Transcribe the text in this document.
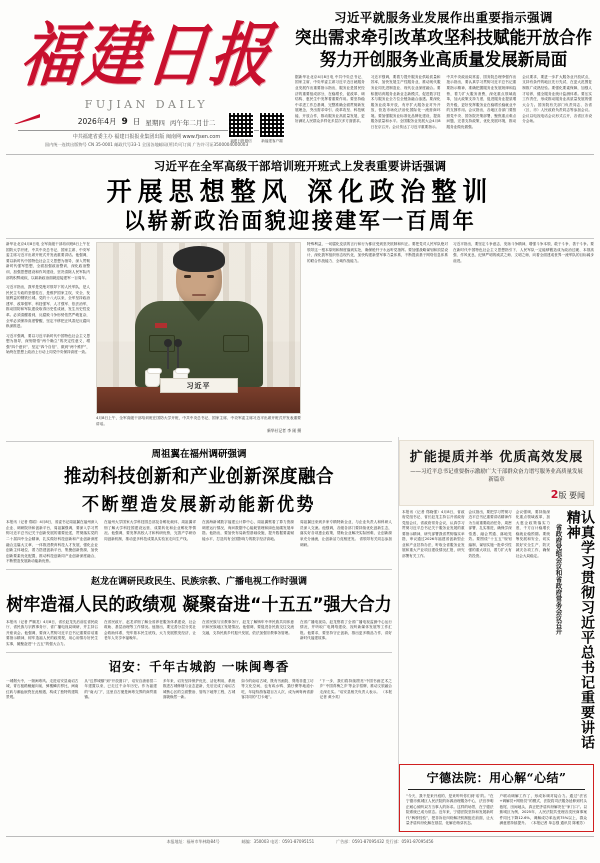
福建日报
FUJIAN DAILY
2026年4月 9 日 星期四 丙午年二月廿二
中共福建省委主办 福建日报报业集团出版 闽南网 www.fjsen.com
国内统一连续出版物号 CN 35-0001 邮政代号33-1 全国各地邮局(所)均可订阅 广告许可证3500004000003
福建日报微信	新福建客户端
习近平就服务业发展作出重要指示强调
突出需求牵引改革攻坚科技赋能开放合作
努力开创服务业高质量发展新局面
据新华社北京4月8日电 中共中央总书记、国家主席、中央军委主席习近平近日就服务业发展作出重要指示指出，服务业是国民经济的重要组成部分，在稳增长、促改革、调结构、惠民生中发挥着重要作用。要坚持稳中求进工作总基调，完整准确全面贯彻新发展理念，突出需求牵引、改革攻坚、科技赋能、开放合作，推动服务业高质量发展，更好满足人民群众多样化多层次多方面需求。
习近平强调，要着力提升服务业供给质量和效率，加快发展生产性服务业，推动现代服务业同先进制造业、现代农业深度融合。要积极培育服务业新业态新模式，促进数字技术与服务业全方位全链条融合渗透。要深化服务业改革开放，有序扩大服务业对外开放，营造市场化法治化国际化一流营商环境。要加强服务业标准化品牌化建设，提高服务质量和水平。全国服务业发展大会4月8日在京召开。会议传达了习近平重要指示。
中共中央政治局常委、国务院总理李强作出批示指出，要认真学习贯彻习近平总书记重要指示精神，准确把握服务业发展规律和趋势，着力扩大服务消费，深化重点领域改革，加大政策支持力度，促进服务业提质增效升级，更好发挥服务业在稳增长稳就业中的支撑作用。会议指出，各地区各部门要按照党中央、国务院决策部署，聚焦重点难点问题，完善支持政策，优化发展环境，推动服务业做优做强。
会议要求，要进一步扩大服务业开放试点，支持有条件的地区先行先试，在更大范围复制推广成熟经验。要强化要素保障，加强人才培养，健全服务业统计监测体系。要压实工作责任，形成推动服务业高质量发展的强大合力。国务院有关部门负责同志、各省（区、市）人民政府负责同志等参加会议。会议以电视电话会议形式召开，各省区市设分会场。
习近平在全军高级干部培训班开班式上发表重要讲话强调
开展思想整风 深化政治整训
以崭新政治面貌迎接建军一百周年
新华社北京4月8日电 全军高级干部培训班8日上午在国防大学开班，中共中央总书记、国家主席、中央军委主席习近平出席开班式并发表重要讲话。他强调，要以新时代中国特色社会主义思想为指导，深入贯彻新时代强军思想，全面加强政治整训，深化政治整训，加强思想建设和作风建设，坚决清除人民军队内部的积弊顽疾，以崭新政治面貌迎接建军一百周年。
习近平指出，我军是党绝对领导下的人民军队，是人民民主专政的坚强柱石，是维护国家主权、安全、发展利益的钢铁长城。党的十八大以来，全军坚持政治建军、改革强军、科技强军、人才强军、依法治军，推动国防和军队建设取得历史性成就、发生历史性变革。必须清醒看到，反腐败斗争形势依然严峻复杂，全军必须保持高度警醒，坚定不移把正风肃纪反腐向纵深推进。
习近平强调，要以习近平新时代中国特色社会主义思想为指导，深刻领悟“两个确立”的决定性意义，增强“四个意识”、坚定“四个自信”、做到“两个维护”，始终在思想上政治上行动上同党中央保持高度一致。
习近平
4月8日上午，全军高级干部培训班在国防大学开班，中共中央总书记、国家主席、中央军委主席习近平出席开班式并发表重要讲话。
新华社记者 李 刚 摄
特殊利益，一切腐化变质的言行和行为都应受到坚决抵制和纠正。要把党对人民军队绝对领导这一根本原则和制度落到实处，确保枪杆子永远听党指挥。要加强战略谋划和顶层设计，深化我军组织形态现代化，加快构建新型军事力量体系，不断提高基于网络信息体系的联合作战能力、全域作战能力。
习近平指出，要坚定斗争意志，发扬斗争精神，增强斗争本领，敢于斗争、善于斗争。要在新时代中国特色社会主义思想指引下，人民军队一定能够锻造成为政治过硬、本领高强、作风优良、纪律严明的威武之师、文明之师，向着全面建成世界一流军队的目标阔步前进。
周祖翼在福州调研强调
推动科技创新和产业创新深度融合
不断塑造发展新动能新优势
本报讯（记者 郑昭）4月8日，省委书记周祖翼在福州深入企业、调研院所和创新平台，周祖翼强调，要深入学习贯彻习近平总书记关于创新发展的重要论述，贯彻落实党的二十届四中全会精神，扎实做好科技创新和产业创新深度融合这篇大文章，一体推进教育科技人才发展，强化企业创新主体地位，着力搭建创新平台，集聚创新资源，加快创新要素优化配置，推动科技创新同产业创新深度融合，不断塑造发展新动能新优势。
在福州大学国家大学科技园总部及各孵化载体，周祖翼详细了解大学科技园建设运营、成果转化和企业孵化等情况。他强调，要发挥高校人才和科研优势，完善产学研协同创新机制，推动更多科技成果从实验室走向生产线。
在滨海新城数字福建云计算中心，周祖翼察看了算力资源调度运行情况，询问数据中心能耗管理和绿色低碳发展举措。他指出，要加快布局新型基础设施，提升数据要素赋能水平，打造具有全国影响力的数字经济高地。
周祖翼还来到多家专精特新企业，与企业负责人和科研人员深入交流。他强调，各级各部门要持续优化创新生态，落实好各项惠企政策，帮助企业解决实际困难，让创新源泉充分涌流，让创新活力竞相迸发。 省领导有关同志参加调研。
赵龙在调研民政民生、民族宗教、广播电视工作时强调
树牢造福人民的政绩观 凝聚奋进“十五五”强大合力
本报讯（记者 严顺龙）4月8日，省长赵龙先后前往省民政厅、省民族与宗教事务厅、省广播电视局调研，并主持召开座谈会。他强调，要深入贯彻习近平总书记重要讲话重要指示精神，树牢造福人民的政绩观，用心用情办好民生实事，凝聚奋进“十五五”的强大合力。
在省民政厅，赵龙详细了解全省养老服务体系建设、社会救助、基层治理等工作情况。他指出，要完善分层分类社会救助体系，兜牢基本民生底线，大力发展银发经济，让老年人安享幸福晚年。
在省民族与宗教事务厅，赵龙了解铸牢中华民族共同体意识和民族地区发展情况。他强调，要促进各民族交往交流交融，支持民族乡村振兴发展，依法加强宗教事务管理。
在省广播电视局，赵龙察看了全省广播电视监测中心运行情况，并听取广电网络建设、视听新媒体发展等工作汇报。他要求，要坚持守正创新，推出更多精品力作，讲好新时代福建故事。
诏安：千年古城韵 一味闽粤香
一城烟火中，一街闽粤风。走进诏安县南诏古城，青石板路蜿蜒向前，骑楼鳞次栉比，闽南红砖与潮汕嵌瓷在此相遇，构成了独特的建筑景观。
从“边界城镇”到“开放窗口”，诏安自唐垂拱二年建置以来，已走过千余年历史。作为福建的“南大门”，这里自古便是闽粤交界的商贸重镇。
多年来，诏安坚持保护优先、活化利用，系统推进古城修缮与业态更新，先后完成了南诏古城核心区的立面整治、管线下地等工程，古城面貌焕然一新。
如今的南诏古城，既有书画院、剪纸非遗工坊等文化空间，也有咸水鸭、猫仔粥等地道小吃，年接待游客超百万人次，成为闽粤两省游客共同的“打卡地”。
“下一步，我们将持续擦亮‘中国书画艺术之乡’‘中国青梅之乡’等金字招牌，推动文旅融合走深走实。”诏安县相关负责人表示。 （本报记者 黄小英）
扩能提质并举 优质高效发展
——习近平总书记重要指示激励广大干部群众奋力谱写服务业高质量发展新篇章
2版 要闻
本报讯（记者 郑晓强）4月8日，省政府党组书记、省长赵龙主持召开省政府党组会议、省政府常务会议，认真学习贯彻习近平总书记关于服务业发展的重要指示精神，研究部署我省贯彻落实举措，审议通过2026年福建省创新型企业和产业扶持办法，听取全省服务业发展和重大产业项目建设情况汇报，研究部署有关工作。
会议指出，要把学习贯彻习近平总书记重要讲话精神作为当前重要政治任务，周密部署、扎实推进，确保学深悟透、融会贯通、落地见效。要围绕“十五五”规划编制，谋划实施一批牵引性强的重大项目，着力扩大有效投资。
会议强调，要持续深化重点领域改革，加大惠企政策落实力度，千方百计稳增长稳就业稳预期。要统筹发展和安全，切实抓好安全生产、防灾减灾各项工作，确保社会大局稳定。	省政府党组会议和省政府常务会议召开	认真学习贯彻习近平总书记重要讲话精神
宁德法院：用心解“心结”
“今天，我不是来开庭的，是来听听你们到‘话’的。”在宁德市蕉城区人民法院的诉源治理服务中心，法官李明正耐心倾听双方当事人的诉求。这样的场景，在宁德法院系统已成为常态。近年来，宁德法院坚持和发展新时代“枫桥经验”，把非诉讼纠纷解决机制挺在前面，让大量矛盾纠纷化解在基层、化解在萌芽状态。
户联动调解工作了，形成诉调对接合力。通过“法官+调解员+网格员”的模式，法院将司法服务延伸到村头巷尾、田间地头，真正把矛盾纠纷解决在“家门口”。以蕉城区为例，2025年，人民法院共受理各类民商事案件同比下降12.6%，调解成功率达到75%以上，群众满意度持续提升。 （本报记者 单志强 通讯员 陈雅芳）
本报地址：福州市华林路84号	邮编：350003 电话：0591-87095151	广告部：0591-87095432 发行部：0591-87095456
